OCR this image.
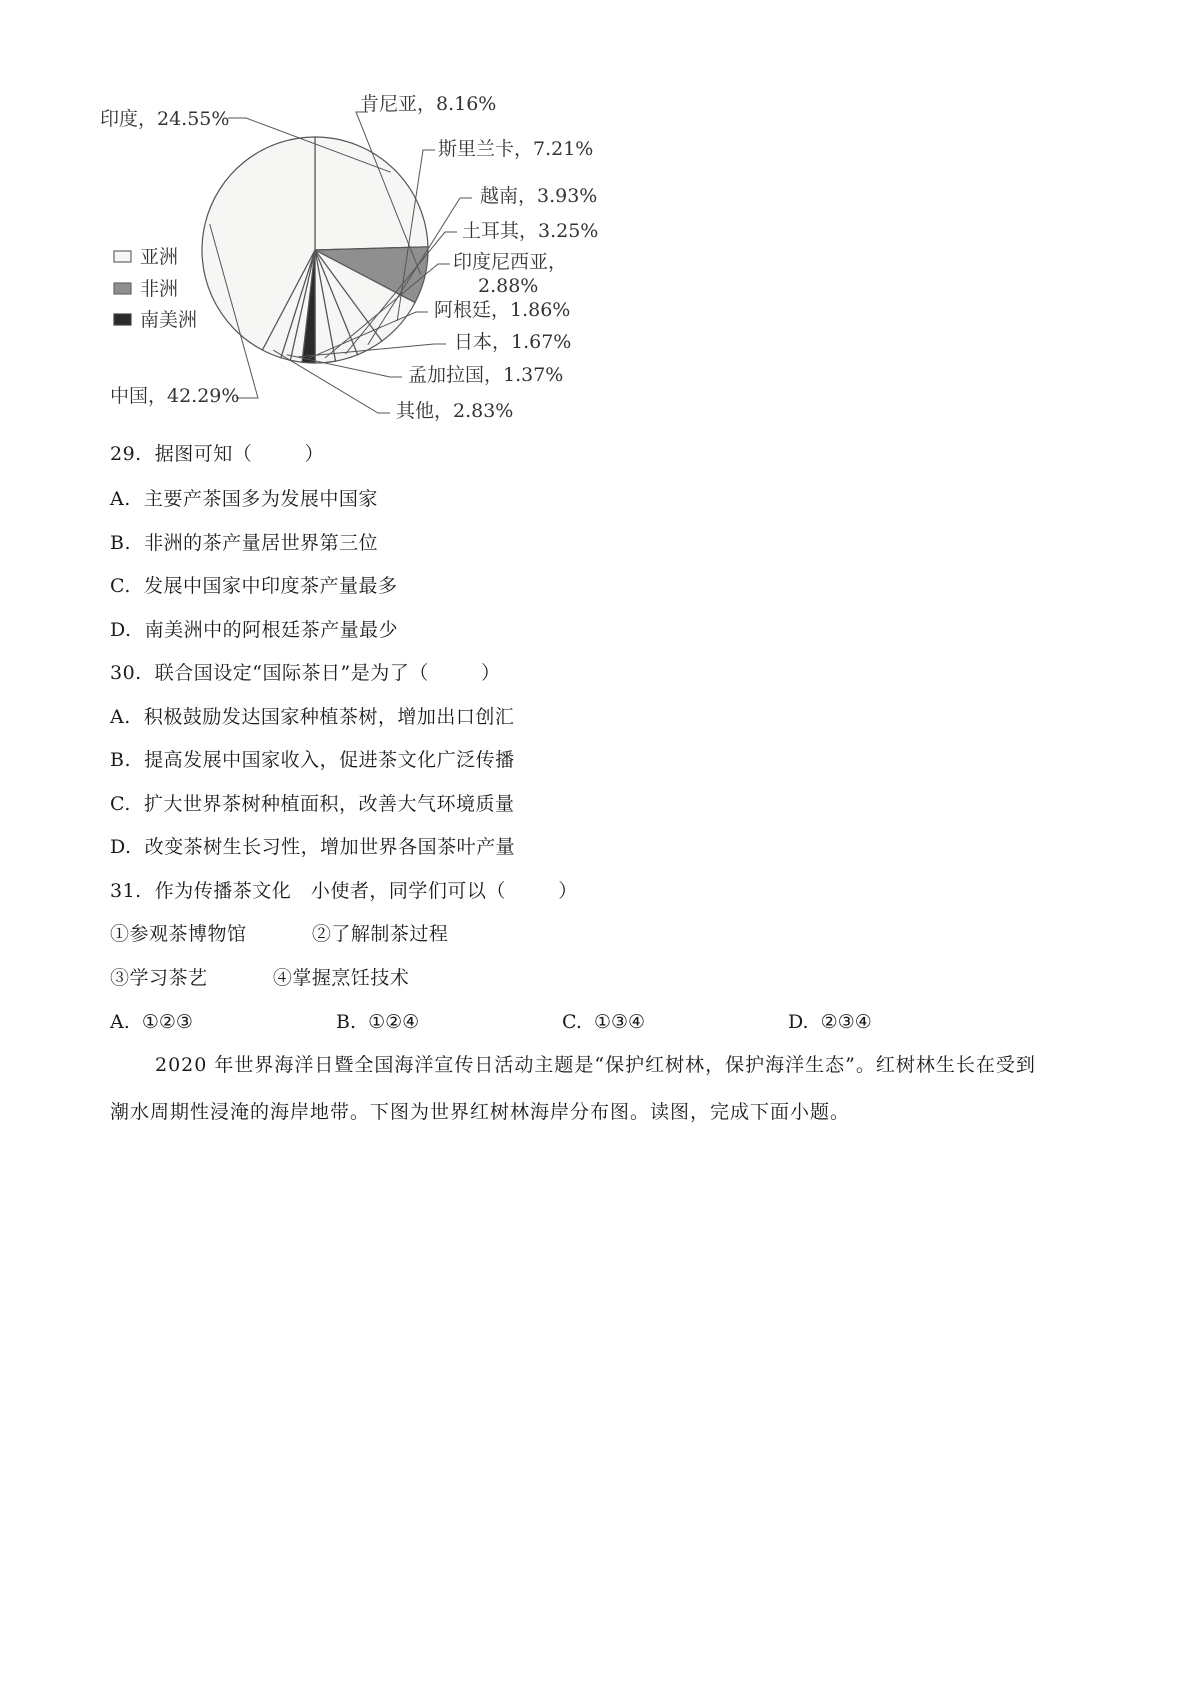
印度，24.55%
肯尼亚，8.16%
斯里兰卡，7.21%
越南，3.93%
土耳其，3.25%
印度尼西亚，
2.88%
阿根廷，1.86%
日本，1.67%
孟加拉国，1.37%
其他，2.83%
中国，42.29%
亚洲
非洲
南美洲
29.  据图可知（        ）
A.  主要产茶国多为发展中国家
B.  非洲的茶产量居世界第三位
C.  发展中国家中印度茶产量最多
D.  南美洲中的阿根廷茶产量最少
30.  联合国设定“国际茶日”是为了（        ）
A.  积极鼓励发达国家种植茶树，增加出口创汇
B.  提高发展中国家收入，促进茶文化广泛传播
C.  扩大世界茶树种植面积，改善大气环境质量
D.  改变茶树生长习性，增加世界各国茶叶产量
31.  作为传播茶文化   小使者，同学们可以（        ）
①参观茶博物馆          ②了解制茶过程
③学习茶艺          ④掌握烹饪技术
A.  ①②③	B.  ①②④	C.  ①③④	D.  ②③④
2020 年世界海洋日暨全国海洋宣传日活动主题是“保护红树林，保护海洋生态”。红树林生长在受到
潮水周期性浸淹的海岸地带。下图为世界红树林海岸分布图。读图，完成下面小题。
